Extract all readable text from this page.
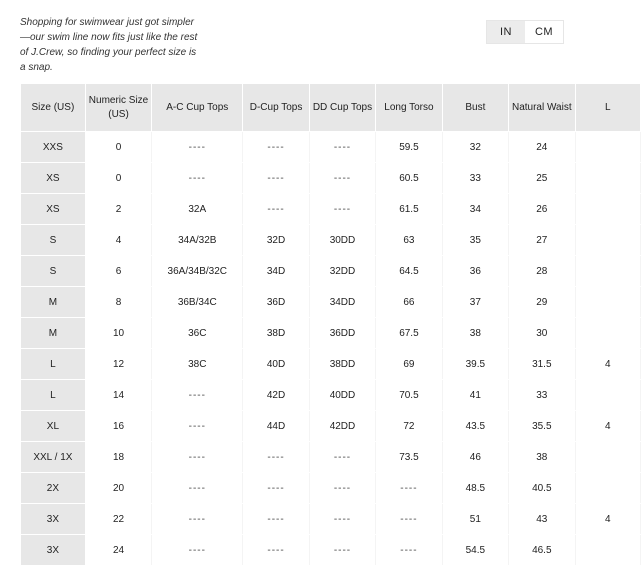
Shopping for swimwear just got simpler—our swim line now fits just like the rest of J.Crew, so finding your perfect size is a snap.

IN	CM
Size (US)	Numeric Size (US)	A-C Cup Tops	D-Cup Tops	DD Cup Tops	Long Torso	Bust	Natural Waist	L
XXS	0	----	----	----	59.5	32	24	
XS	0	----	----	----	60.5	33	25	
XS	2	32A	----	----	61.5	34	26	
S	4	34A/32B	32D	30DD	63	35	27	
S	6	36A/34B/32C	34D	32DD	64.5	36	28	
M	8	36B/34C	36D	34DD	66	37	29	
M	10	36C	38D	36DD	67.5	38	30	
L	12	38C	40D	38DD	69	39.5	31.5	4
L	14	----	42D	40DD	70.5	41	33	
XL	16	----	44D	42DD	72	43.5	35.5	4
XXL / 1X	18	----	----	----	73.5	46	38	
2X	20	----	----	----	----	48.5	40.5	
3X	22	----	----	----	----	51	43	4
3X	24	----	----	----	----	54.5	46.5	
